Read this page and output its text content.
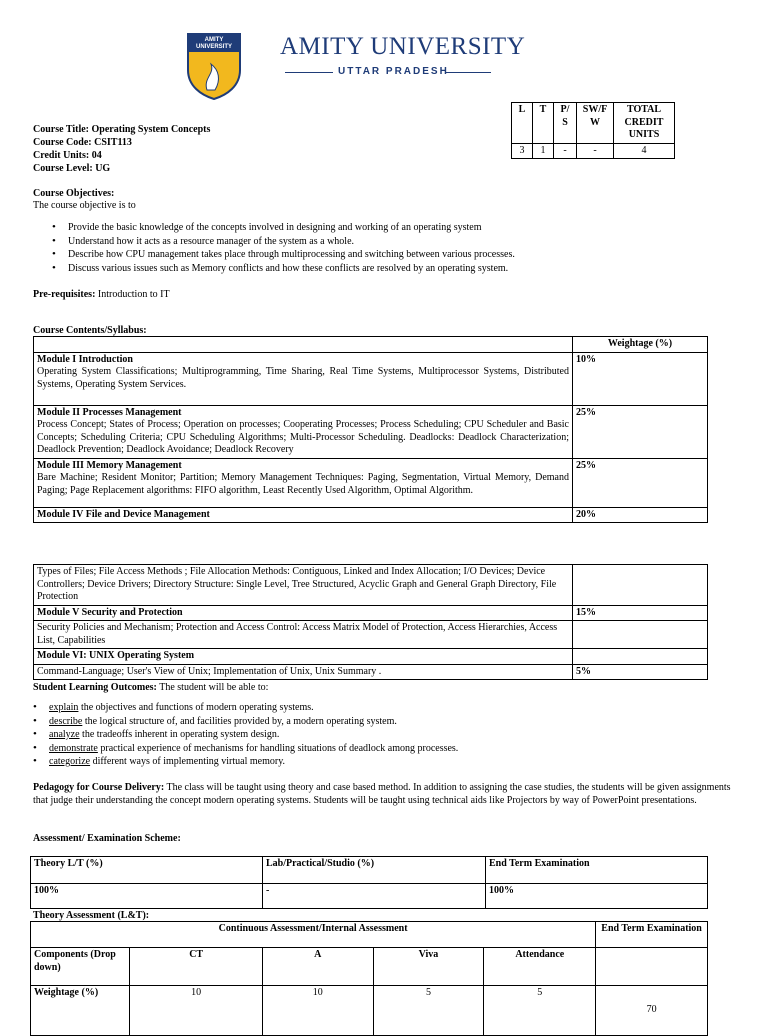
AMITY UNIVERSITY	AMITY UNIVERSITY
UTTAR PRADESH
L	T	P/ S	SW/F W	TOTAL CREDIT UNITS
3	1	-	-	4
Course Title: Operating System Concepts
Course Code: CSIT113
Credit Units: 04
Course Level: UG
Course Objectives:
The course objective is to
• Provide the basic knowledge of the concepts involved in designing and working of an operating system
• Understand how it acts as a resource manager of the system as a whole.
• Describe how CPU management takes place through multiprocessing and switching between various processes.
• Discuss various issues such as Memory conflicts and how these conflicts are resolved by an operating system.
Pre-requisites: Introduction to IT
Course Contents/Syllabus:
	Weightage (%)

Module I Introduction
Operating System Classifications; Multiprogramming, Time Sharing, Real Time Systems, Multiprocessor Systems, Distributed Systems, Operating System Services.	10%

Module II Processes Management
Process Concept; States of Process; Operation on processes; Cooperating Processes; Process Scheduling; CPU Scheduler and Basic Concepts; Scheduling Criteria; CPU Scheduling Algorithms; Multi-Processor Scheduling. Deadlocks: Deadlock Characterization; Deadlock Prevention; Deadlock Avoidance; Deadlock Recovery	25%

Module III Memory Management
Bare Machine; Resident Monitor; Partition; Memory Management Techniques: Paging, Segmentation, Virtual Memory, Demand Paging; Page Replacement algorithms: FIFO algorithm, Least Recently Used Algorithm, Optimal Algorithm.	25%

Module IV File and Device Management	20%
Types of Files; File Access Methods ; File Allocation Methods: Contiguous, Linked and Index Allocation; I/O Devices; Device Controllers; Device Drivers; Directory Structure: Single Level, Tree Structured, Acyclic Graph and General Graph Directory, File Protection	
Module V Security and Protection	15%
Security Policies and Mechanism; Protection and Access Control: Access Matrix Model of Protection, Access Hierarchies, Access List, Capabilities	
Module VI: UNIX Operating System	
Command-Language; User's View of Unix; Implementation of Unix, Unix Summary .	5%
Student Learning Outcomes: The student will be able to:
• explain the objectives and functions of modern operating systems.
• describe the logical structure of, and facilities provided by, a modern operating system.
• analyze the tradeoffs inherent in operating system design.
• demonstrate practical experience of mechanisms for handling situations of deadlock among processes.
• categorize different ways of implementing virtual memory.
Pedagogy for Course Delivery: The class will be taught using theory and case based method. In addition to assigning the case studies, the students will be given assignments that judge their understanding the concept modern operating systems. Students will be taught using technical aids like Projectors by way of PowerPoint presentations.
Assessment/ Examination Scheme:
Theory L/T (%)	Lab/Practical/Studio (%)	End Term Examination
100%	-	100%
Theory Assessment (L&T):
Continuous Assessment/Internal Assessment					End Term Examination
Components (Drop down)	CT	A	Viva	Attendance	
Weightage (%)	10	10	5	5	70
